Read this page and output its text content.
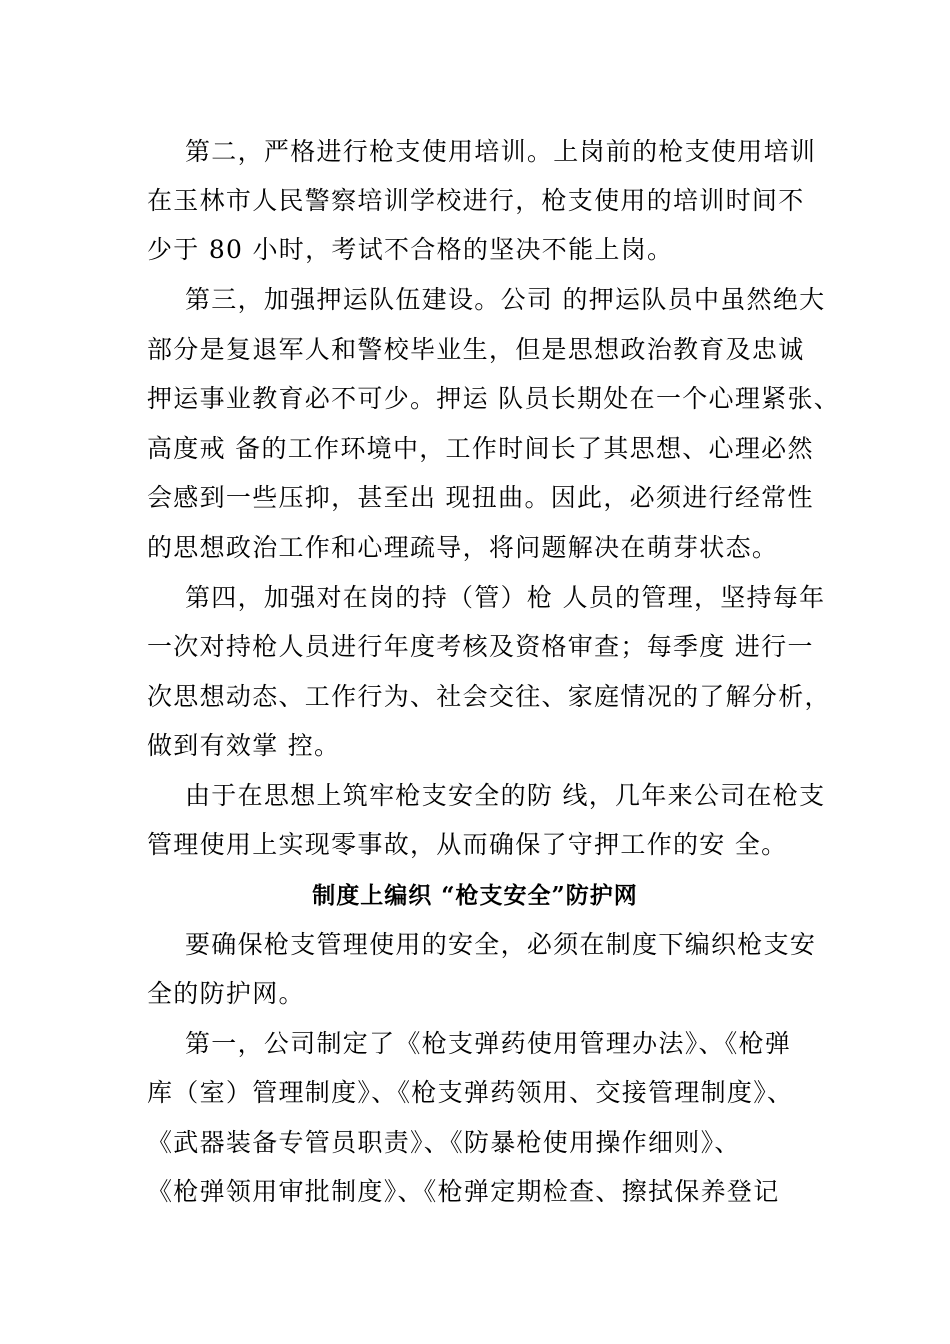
第二，严格进行枪支使用培训。上岗前的枪支使用培训
在玉林市人民警察培训学校进行，枪支使用的培训时间不
少于 80 小时，考试不合格的坚决不能上岗。
第三，加强押运队伍建设。公司 的押运队员中虽然绝大
部分是复退军人和警校毕业生，但是思想政治教育及忠诚
押运事业教育必不可少。押运 队员长期处在一个心理紧张、
高度戒 备的工作环境中，工作时间长了其思想、心理必然
会感到一些压抑，甚至出 现扭曲。因此，必须进行经常性
的思想政治工作和心理疏导，将问题解决在萌芽状态。
第四，加强对在岗的持（管）枪 人员的管理，坚持每年
一次对持枪人员进行年度考核及资格审查；每季度 进行一
次思想动态、工作行为、社会交往、家庭情况的了解分析，
做到有效掌 控。
由于在思想上筑牢枪支安全的防 线，几年来公司在枪支
管理使用上实现零事故，从而确保了守押工作的安 全。
制度上编织 “枪支安全”防护网
要确保枪支管理使用的安全，必须在制度下编织枪支安
全的防护网。
第一，公司制定了《枪支弹药使用管理办法》、《枪弹
库（室）管理制度》、《枪支弹药领用、交接管理制度》、
《武器装备专管员职责》、《防暴枪使用操作细则》、
《枪弹领用审批制度》、《枪弹定期检查、擦拭保养登记
